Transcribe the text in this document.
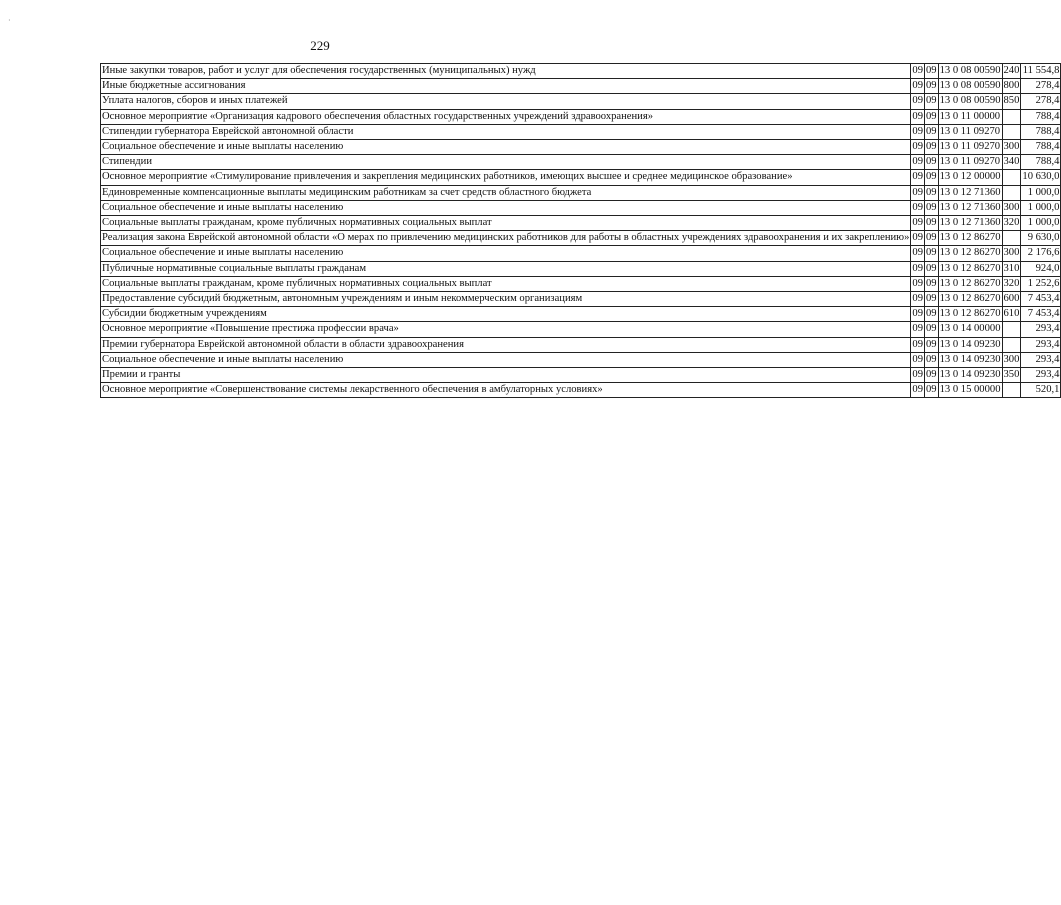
229
Иные закупки товаров, работ и услуг для обеспечения государственных (муниципальных) нужд	09	09	13 0 08 00590	240	11 554,8
Иные бюджетные ассигнования	09	09	13 0 08 00590	800	278,4
Уплата налогов, сборов и иных платежей	09	09	13 0 08 00590	850	278,4
Основное мероприятие «Организация кадрового обеспечения областных государственных учреждений здравоохранения»	09	09	13 0 11 00000		788,4
Стипендии губернатора Еврейской автономной области	09	09	13 0 11 09270		788,4
Социальное обеспечение и иные выплаты населению	09	09	13 0 11 09270	300	788,4
Стипендии	09	09	13 0 11 09270	340	788,4
Основное мероприятие «Стимулирование привлечения и закрепления медицинских работников, имеющих высшее и среднее медицинское образование»	09	09	13 0 12 00000		10 630,0
Единовременные компенсационные выплаты медицинским работникам за счет средств областного бюджета	09	09	13 0 12 71360		1 000,0
Социальное обеспечение и иные выплаты населению	09	09	13 0 12 71360	300	1 000,0
Социальные выплаты гражданам, кроме публичных нормативных социальных выплат	09	09	13 0 12 71360	320	1 000,0
Реализация закона Еврейской автономной области «О мерах по привлечению медицинских работников для работы в областных учреждениях здравоохранения и их закреплению»	09	09	13 0 12 86270		9 630,0
Социальное обеспечение и иные выплаты населению	09	09	13 0 12 86270	300	2 176,6
Публичные нормативные социальные выплаты гражданам	09	09	13 0 12 86270	310	924,0
Социальные выплаты гражданам, кроме публичных нормативных социальных выплат	09	09	13 0 12 86270	320	1 252,6
Предоставление субсидий бюджетным, автономным учреждениям и иным некоммерческим организациям	09	09	13 0 12 86270	600	7 453,4
Субсидии бюджетным учреждениям	09	09	13 0 12 86270	610	7 453,4
Основное мероприятие «Повышение престижа профессии врача»	09	09	13 0 14 00000		293,4
Премии губернатора Еврейской автономной области в области здравоохранения	09	09	13 0 14 09230		293,4
Социальное обеспечение и иные выплаты населению	09	09	13 0 14 09230	300	293,4
Премии и гранты	09	09	13 0 14 09230	350	293,4
Основное мероприятие «Совершенствование системы лекарственного обеспечения в амбулаторных условиях»	09	09	13 0 15 00000		520,1
·
